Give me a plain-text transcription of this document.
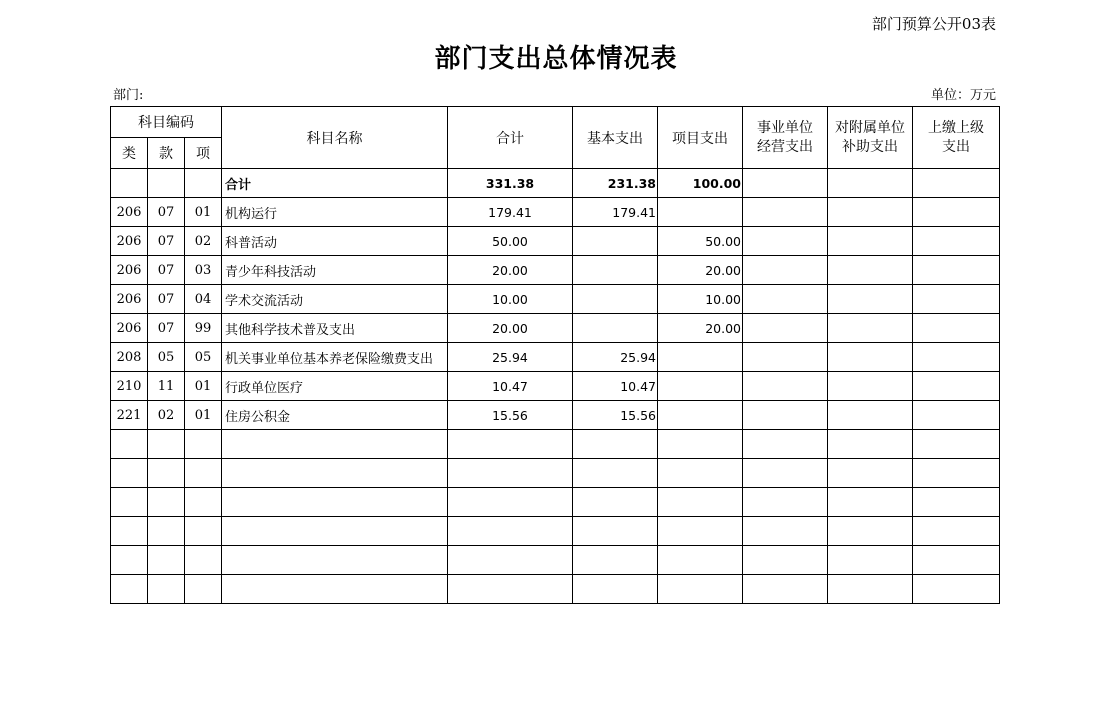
部门预算公开03表
部门支出总体情况表
部门:	单位：万元
科目编码			科目名称	合计	基本支出	项目支出	事业单位经营支出	对附属单位补助支出	上缴上级支出
类	款	项							
			合计	331.38	231.38	100.00			
206	07	01	机构运行	179.41	179.41				
206	07	02	科普活动	50.00		50.00			
206	07	03	青少年科技活动	20.00		20.00			
206	07	04	学术交流活动	10.00		10.00			
206	07	99	其他科学技术普及支出	20.00		20.00			
208	05	05	机关事业单位基本养老保险缴费支出	25.94	25.94				
210	11	01	行政单位医疗	10.47	10.47				
221	02	01	住房公积金	15.56	15.56				
